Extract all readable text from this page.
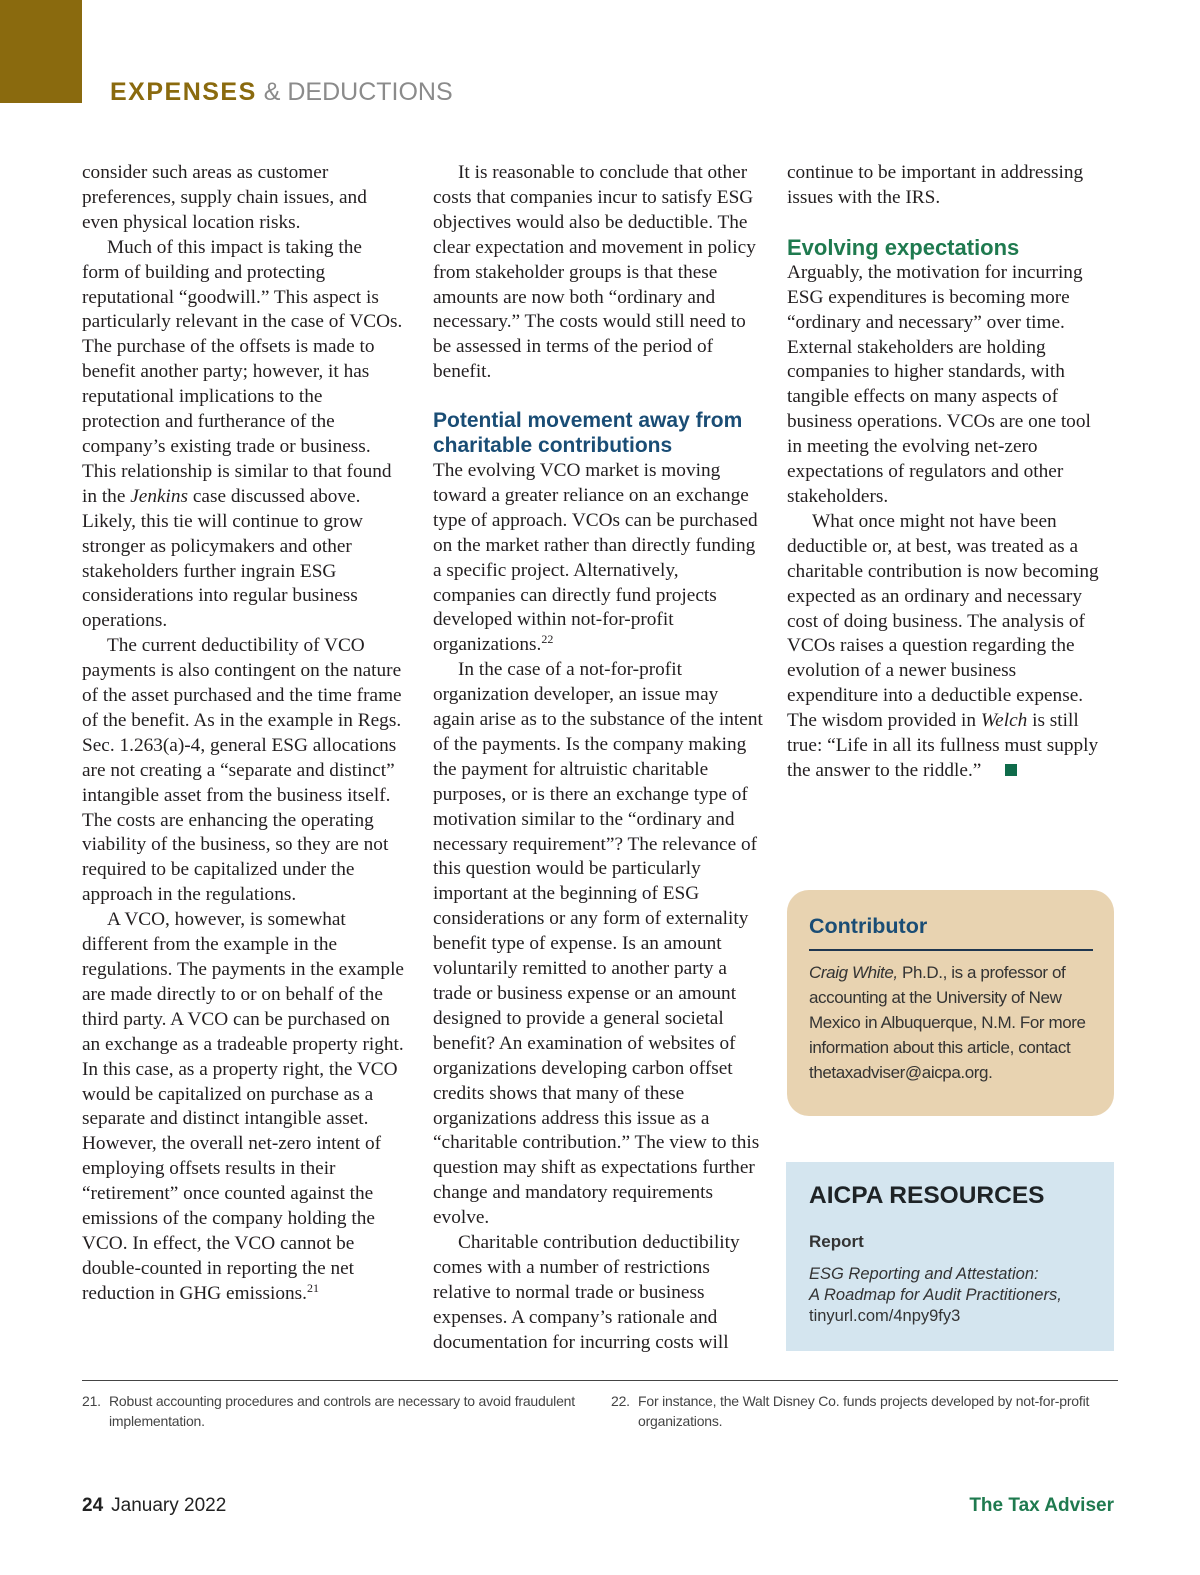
EXPENSES & DEDUCTIONS

consider such areas as customer preferences, supply chain issues, and even physical location risks.

Much of this impact is taking the form of building and protecting reputational “goodwill.” This aspect is particularly relevant in the case of VCOs. The purchase of the offsets is made to benefit another party; however, it has reputational implications to the protection and furtherance of the company’s existing trade or business. This relationship is similar to that found in the Jenkins case discussed above. Likely, this tie will continue to grow stronger as policymakers and other stakeholders further ingrain ESG considerations into regular business operations.

The current deductibility of VCO payments is also contingent on the nature of the asset purchased and the time frame of the benefit. As in the example in Regs. Sec. 1.263(a)-4, general ESG allocations are not creating a “separate and distinct” intangible asset from the business itself. The costs are enhancing the operating viability of the business, so they are not required to be capitalized under the approach in the regulations.

A VCO, however, is somewhat different from the example in the regulations. The payments in the example are made directly to or on behalf of the third party. A VCO can be purchased on an exchange as a tradeable property right. In this case, as a property right, the VCO would be capitalized on purchase as a separate and distinct intangible asset. However, the overall net-zero intent of employing offsets results in their “retirement” once counted against the emissions of the company holding the VCO. In effect, the VCO cannot be double-counted in reporting the net reduction in GHG emissions.$^{21}$

It is reasonable to conclude that other costs that companies incur to satisfy ESG objectives would also be deductible. The clear expectation and movement in policy from stakeholder groups is that these amounts are now both “ordinary and necessary.” The costs would still need to be assessed in terms of the period of benefit.

Potential movement away from charitable contributions

The evolving VCO market is moving toward a greater reliance on an exchange type of approach. VCOs can be purchased on the market rather than directly funding a specific project. Alternatively, companies can directly fund projects developed within not-for-profit organizations.$^{22}$

In the case of a not-for-profit organization developer, an issue may again arise as to the substance of the intent of the payments. Is the company making the payment for altruistic charitable purposes, or is there an exchange type of motivation similar to the “ordinary and necessary requirement”? The relevance of this question would be particularly important at the beginning of ESG considerations or any form of externality benefit type of expense. Is an amount voluntarily remitted to another party a trade or business expense or an amount designed to provide a general societal benefit? An examination of websites of organizations developing carbon offset credits shows that many of these organizations address this issue as a “charitable contribution.” The view to this question may shift as expectations further change and mandatory requirements evolve.

Charitable contribution deductibility comes with a number of restrictions relative to normal trade or business expenses. A company’s rationale and documentation for incurring costs will

continue to be important in addressing issues with the IRS.

Evolving expectations

Arguably, the motivation for incurring ESG expenditures is becoming more “ordinary and necessary” over time. External stakeholders are holding companies to higher standards, with tangible effects on many aspects of business operations. VCOs are one tool in meeting the evolving net-zero expectations of regulators and other stakeholders.

What once might not have been deductible or, at best, was treated as a charitable contribution is now becoming expected as an ordinary and necessary cost of doing business. The analysis of VCOs raises a question regarding the evolution of a newer business expenditure into a deductible expense. The wisdom provided in Welch is still true: “Life in all its fullness must supply the answer to the riddle.”

Contributor

Craig White, Ph.D., is a professor of accounting at the University of New Mexico in Albuquerque, N.M. For more information about this article, contact thetaxadviser@aicpa.org.

AICPA RESOURCES

Report

ESG Reporting and Attestation:
A Roadmap for Audit Practitioners,
tinyurl.com/4npy9fy3

21. Robust accounting procedures and controls are necessary to avoid fraudulent implementation.
22. For instance, the Walt Disney Co. funds projects developed by not-for-profit organizations.
24 January 2022	The Tax Adviser
